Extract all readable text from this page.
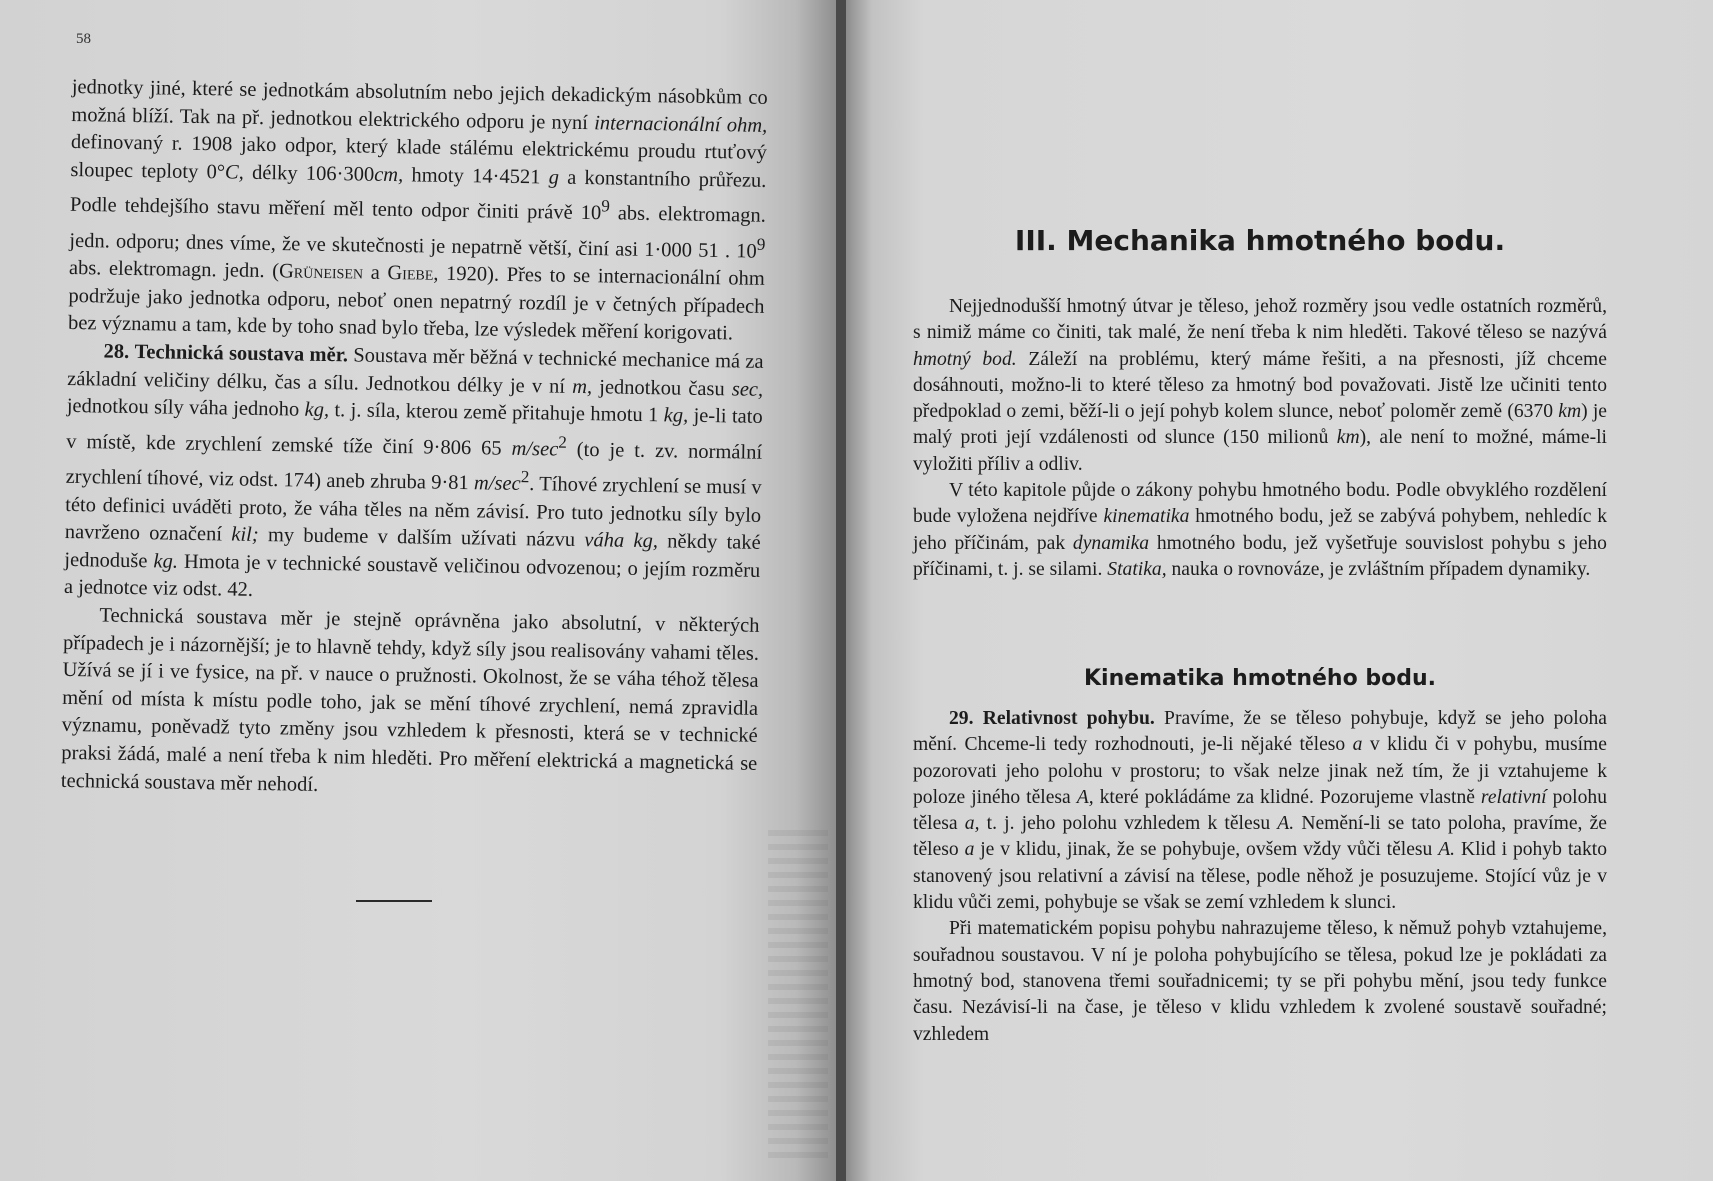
58

jednotky jiné, které se jednotkám absolutním nebo jejich dekadickým násobkům co možná blíží. Tak na př. jednotkou elektrického odporu je nyní internacionální ohm, definovaný r. 1908 jako odpor, který klade stálému elektrickému proudu rtuťový sloupec teploty 0°C, délky 106·300cm, hmoty 14·4521 g a konstantního průřezu. Podle tehdejšího stavu měření měl tento odpor činiti právě $10^9$ abs. elektromagn. jedn. odporu; dnes víme, že ve skutečnosti je nepatrně větší, činí asi 1·000 51 . $10^9$ abs. elektromagn. jedn. (Grüneisen a Giebe, 1920). Přes to se internacionální ohm podržuje jako jednotka odporu, neboť onen nepatrný rozdíl je v četných případech bez významu a tam, kde by toho snad bylo třeba, lze výsledek měření korigovati.

28. Technická soustava měr. Soustava měr běžná v technické mechanice má za základní veličiny délku, čas a sílu. Jednotkou délky je v ní m, jednotkou času sec, jednotkou síly váha jednoho kg, t. j. síla, kterou země přitahuje hmotu 1 kg, je-li tato v místě, kde zrychlení zemské tíže činí 9·806 65 $m/\sec^2$ (to je t. zv. normální zrychlení tíhové, viz odst. 174) aneb zhruba 9·81 $m/\sec^2$. Tíhové zrychlení se musí v této definici uváděti proto, že váha těles na něm závisí. Pro tuto jednotku síly bylo navrženo označení kil; my budeme v dalším užívati názvu váha kg, někdy také jednoduše kg. Hmota je v technické soustavě veličinou odvozenou; o jejím rozměru a jednotce viz odst. 42.

Technická soustava měr je stejně oprávněna jako absolutní, v některých případech je i názornější; je to hlavně tehdy, když síly jsou realisovány vahami těles. Užívá se jí i ve fysice, na př. v nauce o pružnosti. Okolnost, že se váha téhož tělesa mění od místa k místu podle toho, jak se mění tíhové zrychlení, nemá zpravidla významu, poněvadž tyto změny jsou vzhledem k přesnosti, která se v technické praksi žádá, malé a není třeba k nim hleděti. Pro měření elektrická a magnetická se technická soustava měr nehodí.

III. Mechanika hmotného bodu.

Nejjednodušší hmotný útvar je těleso, jehož rozměry jsou vedle ostatních rozměrů, s nimiž máme co činiti, tak malé, že není třeba k nim hleděti. Takové těleso se nazývá hmotný bod. Záleží na problému, který máme řešiti, a na přesnosti, jíž chceme dosáhnouti, možno-li to které těleso za hmotný bod považovati. Jistě lze učiniti tento předpoklad o zemi, běží-li o její pohyb kolem slunce, neboť poloměr země (6370 km) je malý proti její vzdálenosti od slunce (150 milionů km), ale není to možné, máme-li vyložiti příliv a odliv.

V této kapitole půjde o zákony pohybu hmotného bodu. Podle obvyklého rozdělení bude vyložena nejdříve kinematika hmotného bodu, jež se zabývá pohybem, nehledíc k jeho příčinám, pak dynamika hmotného bodu, jež vyšetřuje souvislost pohybu s jeho příčinami, t. j. se silami. Statika, nauka o rovnováze, je zvláštním případem dynamiky.

Kinematika hmotného bodu.

29. Relativnost pohybu. Pravíme, že se těleso pohybuje, když se jeho poloha mění. Chceme-li tedy rozhodnouti, je-li nějaké těleso a v klidu či v pohybu, musíme pozorovati jeho polohu v prostoru; to však nelze jinak než tím, že ji vztahujeme k poloze jiného tělesa A, které pokládáme za klidné. Pozorujeme vlastně relativní polohu tělesa a, t. j. jeho polohu vzhledem k tělesu A. Nemění-li se tato poloha, pravíme, že těleso a je v klidu, jinak, že se pohybuje, ovšem vždy vůči tělesu A. Klid i pohyb takto stanovený jsou relativní a závisí na tělese, podle něhož je posuzujeme. Stojící vůz je v klidu vůči zemi, pohybuje se však se zemí vzhledem k slunci.

Při matematickém popisu pohybu nahrazujeme těleso, k němuž pohyb vztahujeme, souřadnou soustavou. V ní je poloha pohybujícího se tělesa, pokud lze je pokládati za hmotný bod, stanovena třemi souřadnicemi; ty se při pohybu mění, jsou tedy funkce času. Nezávisí-li na čase, je těleso v klidu vzhledem k zvolené soustavě souřadné; vzhledem
